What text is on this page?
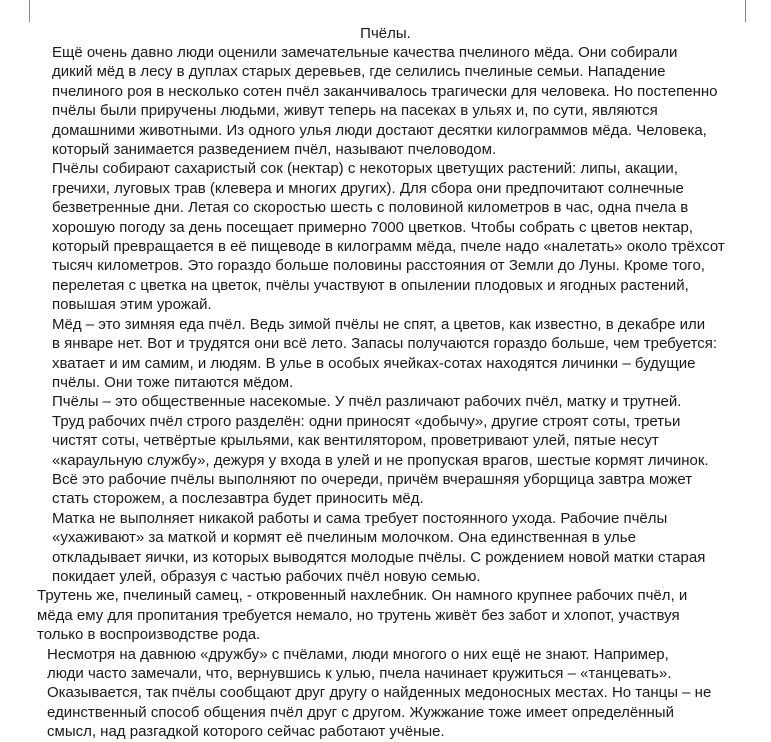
Пчёлы.
Ещё очень давно люди оценили замечательные качества пчелиного мёда. Они собирали
дикий мёд в лесу в дуплах старых деревьев, где селились пчелиные семьи. Нападение
пчелиного роя в несколько сотен пчёл заканчивалось трагически для человека. Но постепенно
пчёлы были приручены людьми, живут теперь на пасеках в ульях и, по сути, являются
домашними животными. Из одного улья люди достают десятки килограммов мёда. Человека,
который занимается разведением пчёл, называют пчеловодом.
Пчёлы собирают сахаристый сок (нектар) с некоторых цветущих растений: липы, акации,
гречихи, луговых трав (клевера и многих других). Для сбора они предпочитают солнечные
безветренные дни. Летая со скоростью шесть с половиной километров в час, одна пчела в
хорошую погоду за день посещает примерно 7000 цветков. Чтобы собрать с цветов нектар,
который превращается в её пищеводе в килограмм мёда, пчеле надо «налетать» около трёхсот
тысяч километров. Это гораздо больше половины расстояния от Земли до Луны. Кроме того,
перелетая с цветка на цветок, пчёлы участвуют в опылении плодовых и ягодных растений,
повышая этим урожай.
Мёд – это зимняя еда пчёл. Ведь зимой пчёлы не спят, а цветов, как известно, в декабре или
в январе нет. Вот и трудятся они всё лето. Запасы получаются гораздо больше, чем требуется:
хватает и им самим, и людям. В улье в особых ячейках-сотах находятся личинки – будущие
пчёлы. Они тоже питаются мёдом.
Пчёлы – это общественные насекомые. У пчёл различают рабочих пчёл, матку и трутней.
Труд рабочих пчёл строго разделён: одни приносят «добычу», другие строят соты, третьи
чистят соты, четвёртые крыльями, как вентилятором, проветривают улей, пятые несут
«караульную службу», дежуря у входа в улей и не пропуская врагов, шестые кормят личинок.
Всё это рабочие пчёлы выполняют по очереди, причём вчерашняя уборщица завтра может
стать сторожем, а послезавтра будет приносить мёд.
Матка не выполняет никакой работы и сама требует постоянного ухода. Рабочие пчёлы
«ухаживают» за маткой и кормят её пчелиным молочком. Она единственная в улье
откладывает яички, из которых выводятся молодые пчёлы. С рождением новой матки старая
покидает улей, образуя с частью рабочих пчёл новую семью.
Трутень же, пчелиный самец, - откровенный нахлебник. Он намного крупнее рабочих пчёл, и
мёда ему для пропитания требуется немало, но трутень живёт без забот и хлопот, участвуя
только в воспроизводстве рода.
Несмотря на давнюю «дружбу» с пчёлами, люди многого о них ещё не знают. Например,
люди часто замечали, что, вернувшись к улью, пчела начинает кружиться – «танцевать».
Оказывается, так пчёлы сообщают друг другу о найденных медоносных местах. Но танцы – не
единственный способ общения пчёл друг с другом. Жужжание тоже имеет определённый
смысл, над разгадкой которого сейчас работают учёные.
